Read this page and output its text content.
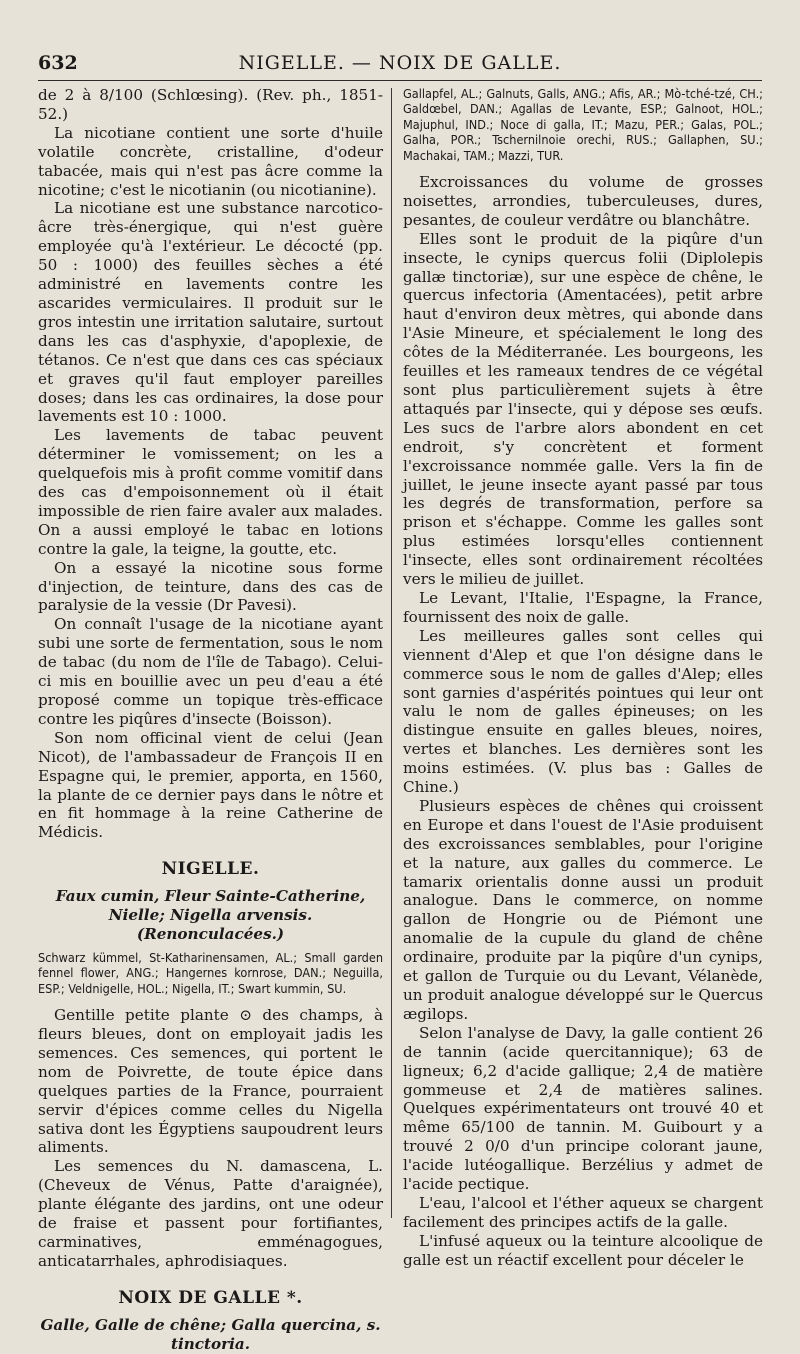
632	NIGELLE. — NOIX DE GALLE.

de 2 à 8/100 (Schlœsing). (Rev. ph., 1851-52.)

La nicotiane contient une sorte d'huile volatile concrète, cristalline, d'odeur tabacée, mais qui n'est pas âcre comme la nicotine; c'est le nicotianin (ou nicotianine).

La nicotiane est une substance narcotico-âcre très-énergique, qui n'est guère employée qu'à l'extérieur. Le décocté (pp. 50 : 1000) des feuilles sèches a été administré en lavements contre les ascarides vermiculaires. Il produit sur le gros intestin une irritation salutaire, surtout dans les cas d'asphyxie, d'apoplexie, de tétanos. Ce n'est que dans ces cas spéciaux et graves qu'il faut employer pareilles doses; dans les cas ordinaires, la dose pour lavements est 10 : 1000.

Les lavements de tabac peuvent déterminer le vomissement; on les a quelquefois mis à profit comme vomitif dans des cas d'empoisonnement où il était impossible de rien faire avaler aux malades. On a aussi employé le tabac en lotions contre la gale, la teigne, la goutte, etc.

On a essayé la nicotine sous forme d'injection, de teinture, dans des cas de paralysie de la vessie (Dr Pavesi).

On connaît l'usage de la nicotiane ayant subi une sorte de fermentation, sous le nom de tabac (du nom de l'île de Tabago). Celui-ci mis en bouillie avec un peu d'eau a été proposé comme un topique très-efficace contre les piqûres d'insecte (Boisson).

Son nom officinal vient de celui (Jean Nicot), de l'ambassadeur de François II en Espagne qui, le premier, apporta, en 1560, la plante de ce dernier pays dans le nôtre et en fit hommage à la reine Catherine de Médicis.

NIGELLE.

Faux cumin, Fleur Sainte-Catherine, Nielle; Nigella arvensis. (Renonculacées.)

Schwarz kümmel, St-Katharinensamen, AL.; Small garden fennel flower, ANG.; Hangernes kornrose, DAN.; Neguilla, ESP.; Veldnigelle, HOL.; Nigella, IT.; Swart kummin, SU.

Gentille petite plante ⊙ des champs, à fleurs bleues, dont on employait jadis les semences. Ces semences, qui portent le nom de Poivrette, de toute épice dans quelques parties de la France, pourraient servir d'épices comme celles du Nigella sativa dont les Égyptiens saupoudrent leurs aliments.

Les semences du N. damascena, L. (Cheveux de Vénus, Patte d'araignée), plante élégante des jardins, ont une odeur de fraise et passent pour fortifiantes, carminatives, emménagogues, anticatarrhales, aphrodisiaques.

NOIX DE GALLE *.

Galle, Galle de chêne; Galla quercina, s. tinctoria.

Gallapfel, AL.; Galnuts, Galls, ANG.; Afis, AR.; Mò-tché-tzé, CH.; Galdœbel, DAN.; Agallas de Levante, ESP.; Galnoot, HOL.; Majuphul, IND.; Noce di galla, IT.; Mazu, PER.; Galas, POL.; Galha, POR.; Tschernilnoie orechi, RUS.; Gallaphen, SU.; Machakai, TAM.; Mazzi, TUR.

Excroissances du volume de grosses noisettes, arrondies, tuberculeuses, dures, pesantes, de couleur verdâtre ou blanchâtre.

Elles sont le produit de la piqûre d'un insecte, le cynips quercus folii (Diplolepis gallæ tinctoriæ), sur une espèce de chêne, le quercus infectoria (Amentacées), petit arbre haut d'environ deux mètres, qui abonde dans l'Asie Mineure, et spécialement le long des côtes de la Méditerranée. Les bourgeons, les feuilles et les rameaux tendres de ce végétal sont plus particulièrement sujets à être attaqués par l'insecte, qui y dépose ses œufs. Les sucs de l'arbre alors abondent en cet endroit, s'y concrètent et forment l'excroissance nommée galle. Vers la fin de juillet, le jeune insecte ayant passé par tous les degrés de transformation, perfore sa prison et s'échappe. Comme les galles sont plus estimées lorsqu'elles contiennent l'insecte, elles sont ordinairement récoltées vers le milieu de juillet.

Le Levant, l'Italie, l'Espagne, la France, fournissent des noix de galle.

Les meilleures galles sont celles qui viennent d'Alep et que l'on désigne dans le commerce sous le nom de galles d'Alep; elles sont garnies d'aspérités pointues qui leur ont valu le nom de galles épineuses; on les distingue ensuite en galles bleues, noires, vertes et blanches. Les dernières sont les moins estimées. (V. plus bas : Galles de Chine.)

Plusieurs espèces de chênes qui croissent en Europe et dans l'ouest de l'Asie produisent des excroissances semblables, pour l'origine et la nature, aux galles du commerce. Le tamarix orientalis donne aussi un produit analogue. Dans le commerce, on nomme gallon de Hongrie ou de Piémont une anomalie de la cupule du gland de chêne ordinaire, produite par la piqûre d'un cynips, et gallon de Turquie ou du Levant, Vélanède, un produit analogue développé sur le Quercus ægilops.

Selon l'analyse de Davy, la galle contient 26 de tannin (acide quercitannique); 63 de ligneux; 6,2 d'acide gallique; 2,4 de matière gommeuse et 2,4 de matières salines. Quelques expérimentateurs ont trouvé 40 et même 65/100 de tannin. M. Guibourt y a trouvé 2 0/0 d'un principe colorant jaune, l'acide lutéogallique. Berzélius y admet de l'acide pectique.

L'eau, l'alcool et l'éther aqueux se chargent facilement des principes actifs de la galle.

L'infusé aqueux ou la teinture alcoolique de galle est un réactif excellent pour déceler le
